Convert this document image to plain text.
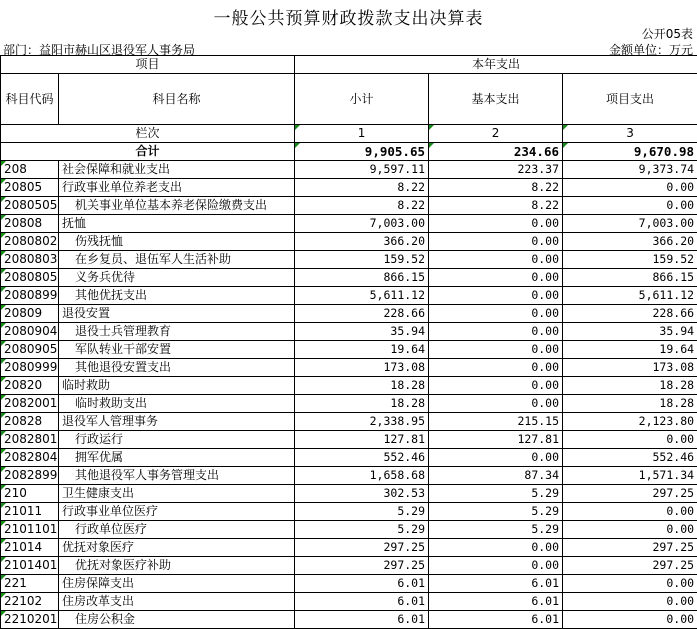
一般公共预算财政拨款支出决算表
公开05表
部门：益阳市赫山区退役军人事务局	金额单位：万元
项目		本年支出		
科目代码	科目名称	小计	基本支出	项目支出
栏次		1	2	3
合计		9,905.65	234.66	9,670.98
208	社会保障和就业支出	9,597.11	223.37	9,373.74
20805	行政事业单位养老支出	8.22	8.22	0.00
2080505	机关事业单位基本养老保险缴费支出	8.22	8.22	0.00
20808	抚恤	7,003.00	0.00	7,003.00
2080802	伤残抚恤	366.20	0.00	366.20
2080803	在乡复员、退伍军人生活补助	159.52	0.00	159.52
2080805	义务兵优待	866.15	0.00	866.15
2080899	其他优抚支出	5,611.12	0.00	5,611.12
20809	退役安置	228.66	0.00	228.66
2080904	退役士兵管理教育	35.94	0.00	35.94
2080905	军队转业干部安置	19.64	0.00	19.64
2080999	其他退役安置支出	173.08	0.00	173.08
20820	临时救助	18.28	0.00	18.28
2082001	临时救助支出	18.28	0.00	18.28
20828	退役军人管理事务	2,338.95	215.15	2,123.80
2082801	行政运行	127.81	127.81	0.00
2082804	拥军优属	552.46	0.00	552.46
2082899	其他退役军人事务管理支出	1,658.68	87.34	1,571.34
210	卫生健康支出	302.53	5.29	297.25
21011	行政事业单位医疗	5.29	5.29	0.00
2101101	行政单位医疗	5.29	5.29	0.00
21014	优抚对象医疗	297.25	0.00	297.25
2101401	优抚对象医疗补助	297.25	0.00	297.25
221	住房保障支出	6.01	6.01	0.00
22102	住房改革支出	6.01	6.01	0.00
2210201	住房公积金	6.01	6.01	0.00
